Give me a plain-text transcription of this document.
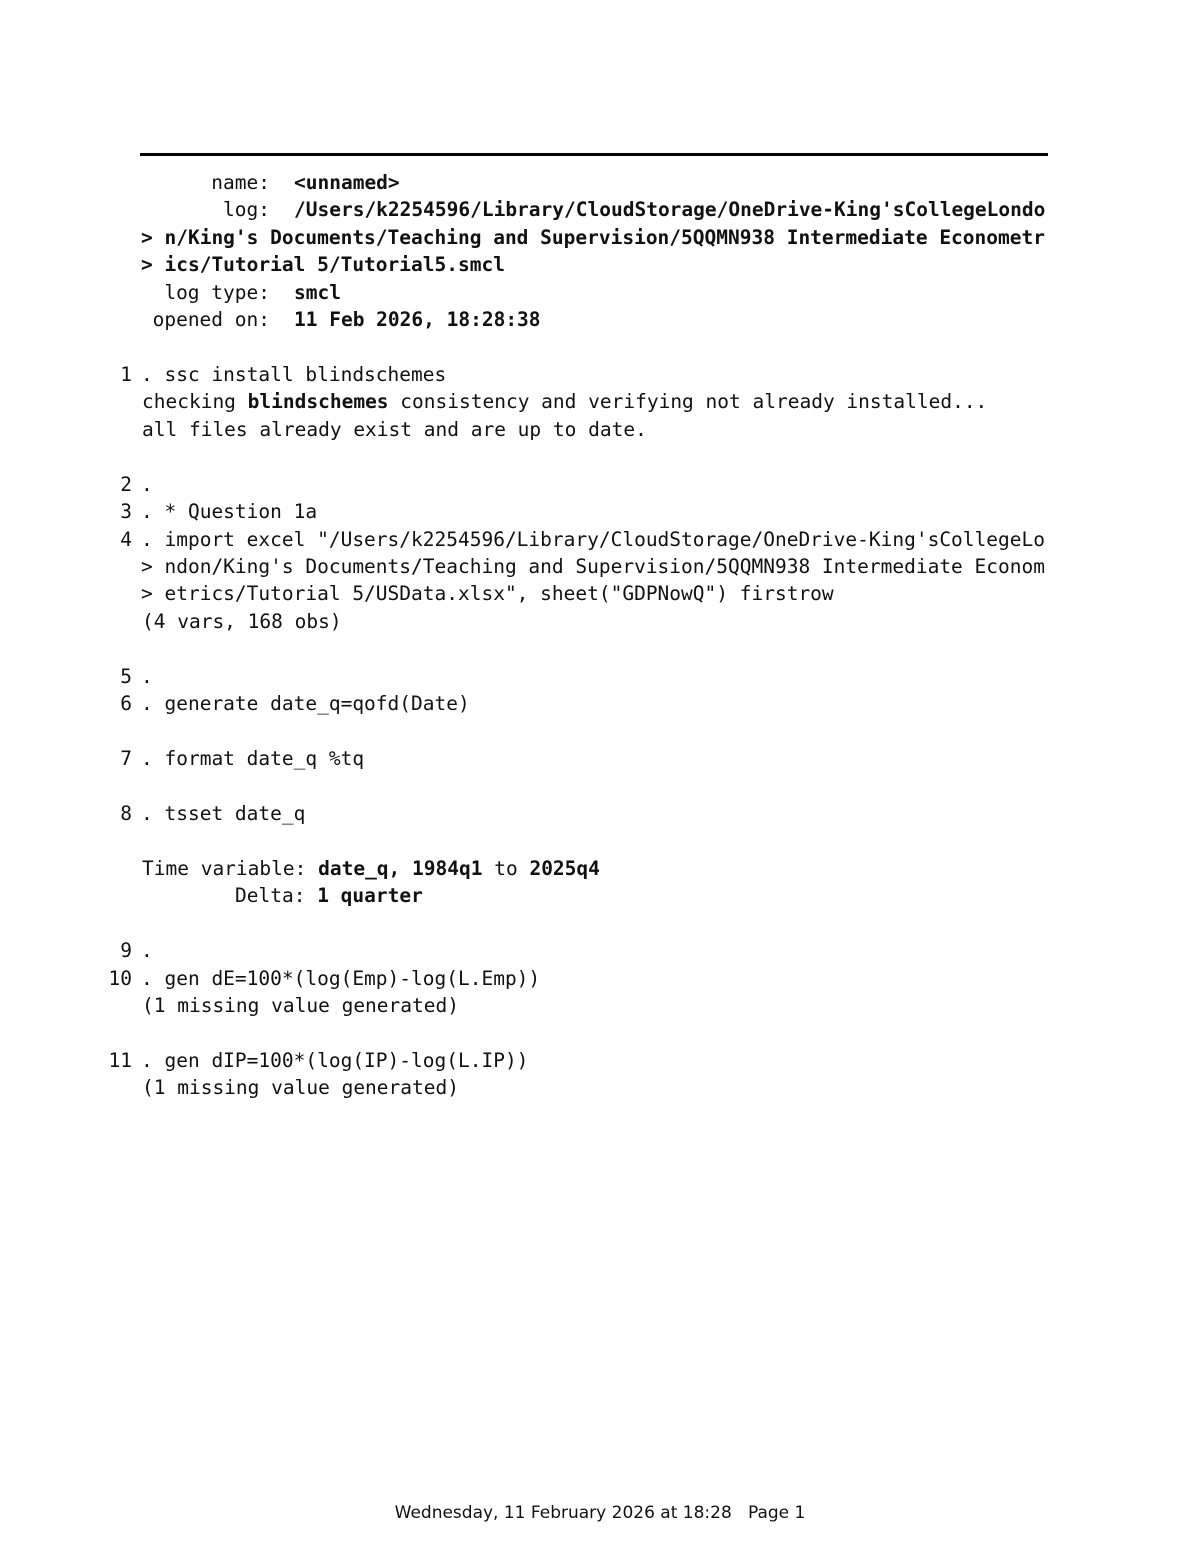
name: <unnamed>
log: /Users/k2254596/Library/CloudStorage/OneDrive-King'sCollegeLondo
> n/King's Documents/Teaching and Supervision/5QQMN938 Intermediate Econometr
> ics/Tutorial 5/Tutorial5.smcl
log type: smcl
opened on: 11 Feb 2026, 18:28:38
1 . ssc install blindschemes
checking blindschemes consistency and verifying not already installed...
all files already exist and are up to date.
2 .
3 . * Question 1a
4 . import excel "/Users/k2254596/Library/CloudStorage/OneDrive-King'sCollegeLo
> ndon/King's Documents/Teaching and Supervision/5QQMN938 Intermediate Econom
> etrics/Tutorial 5/USData.xlsx", sheet("GDPNowQ") firstrow
(4 vars, 168 obs)
5 .
6 . generate date_q=qofd(Date)
7 . format date_q %tq
8 . tsset date_q
Time variable: date_q, 1984q1 to 2025q4
Delta: 1 quarter
9 .
10 . gen dE=100*(log(Emp)-log(L.Emp))
(1 missing value generated)
11 . gen dIP=100*(log(IP)-log(L.IP))
(1 missing value generated)
Wednesday, 11 February 2026 at 18:28   Page 1
